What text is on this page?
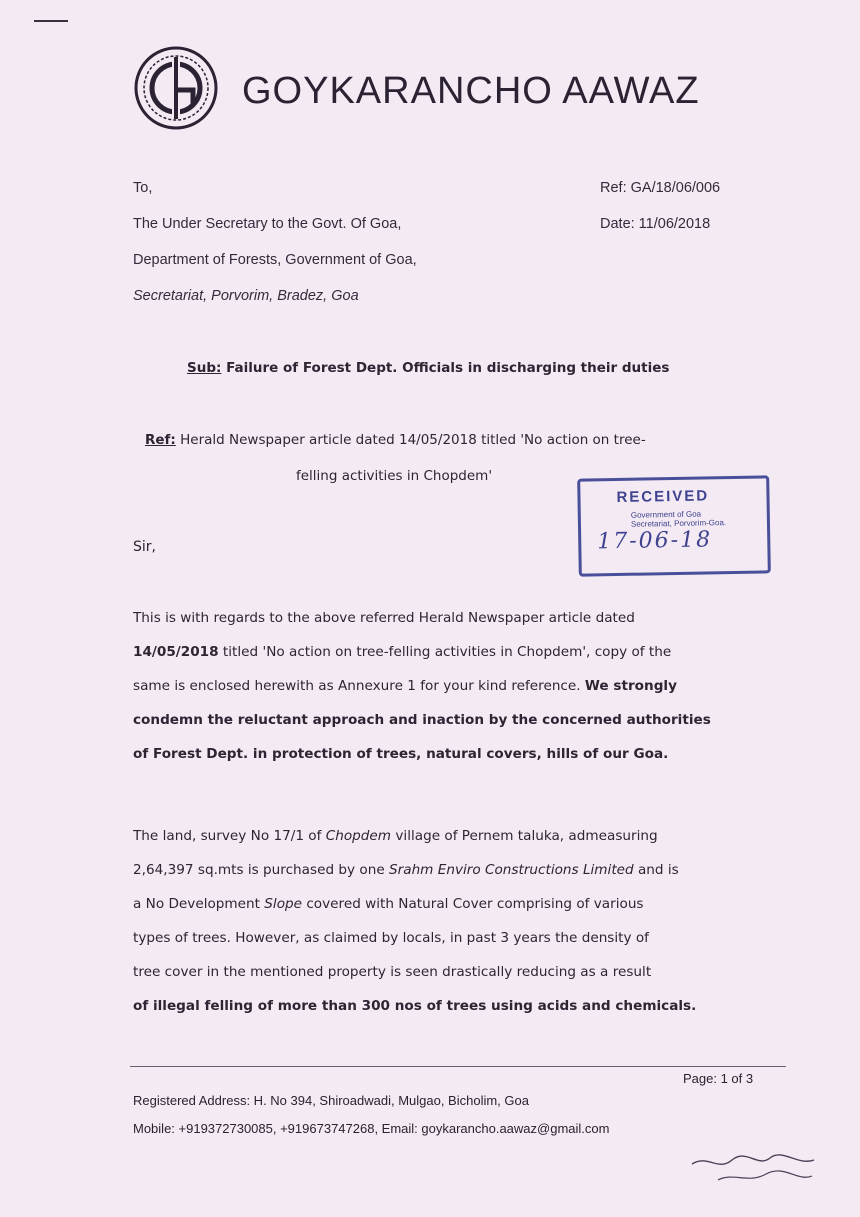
GOYKARANCHO AAWAZ
To,
The Under Secretary to the Govt. Of Goa,
Department of Forests, Government of Goa,
Secretariat, Porvorim, Bradez, Goa
Ref: GA/18/06/006
Date: 11/06/2018
Sub: Failure of Forest Dept. Officials in discharging their duties
Ref: Herald Newspaper article dated 14/05/2018 titled 'No action on tree-
felling activities in Chopdem'
RECEIVED
Government of Goa
Secretariat, Porvorim-Goa.
17-06-18
Sir,
This is with regards to the above referred Herald Newspaper article dated
14/05/2018 titled 'No action on tree-felling activities in Chopdem', copy of the
same is enclosed herewith as Annexure 1 for your kind reference. We strongly
condemn the reluctant approach and inaction by the concerned authorities
of Forest Dept. in protection of trees, natural covers, hills of our Goa.
The land, survey No 17/1 of Chopdem village of Pernem taluka, admeasuring
2,64,397 sq.mts is purchased by one Srahm Enviro Constructions Limited and is
a No Development Slope covered with Natural Cover comprising of various
types of trees. However, as claimed by locals, in past 3 years the density of
tree cover in the mentioned property is seen drastically reducing as a result
of illegal felling of more than 300 nos of trees using acids and chemicals.
Page: 1 of 3
Registered Address: H. No 394, Shiroadwadi, Mulgao, Bicholim, Goa
Mobile: +919372730085, +919673747268, Email: goykarancho.aawaz@gmail.com
